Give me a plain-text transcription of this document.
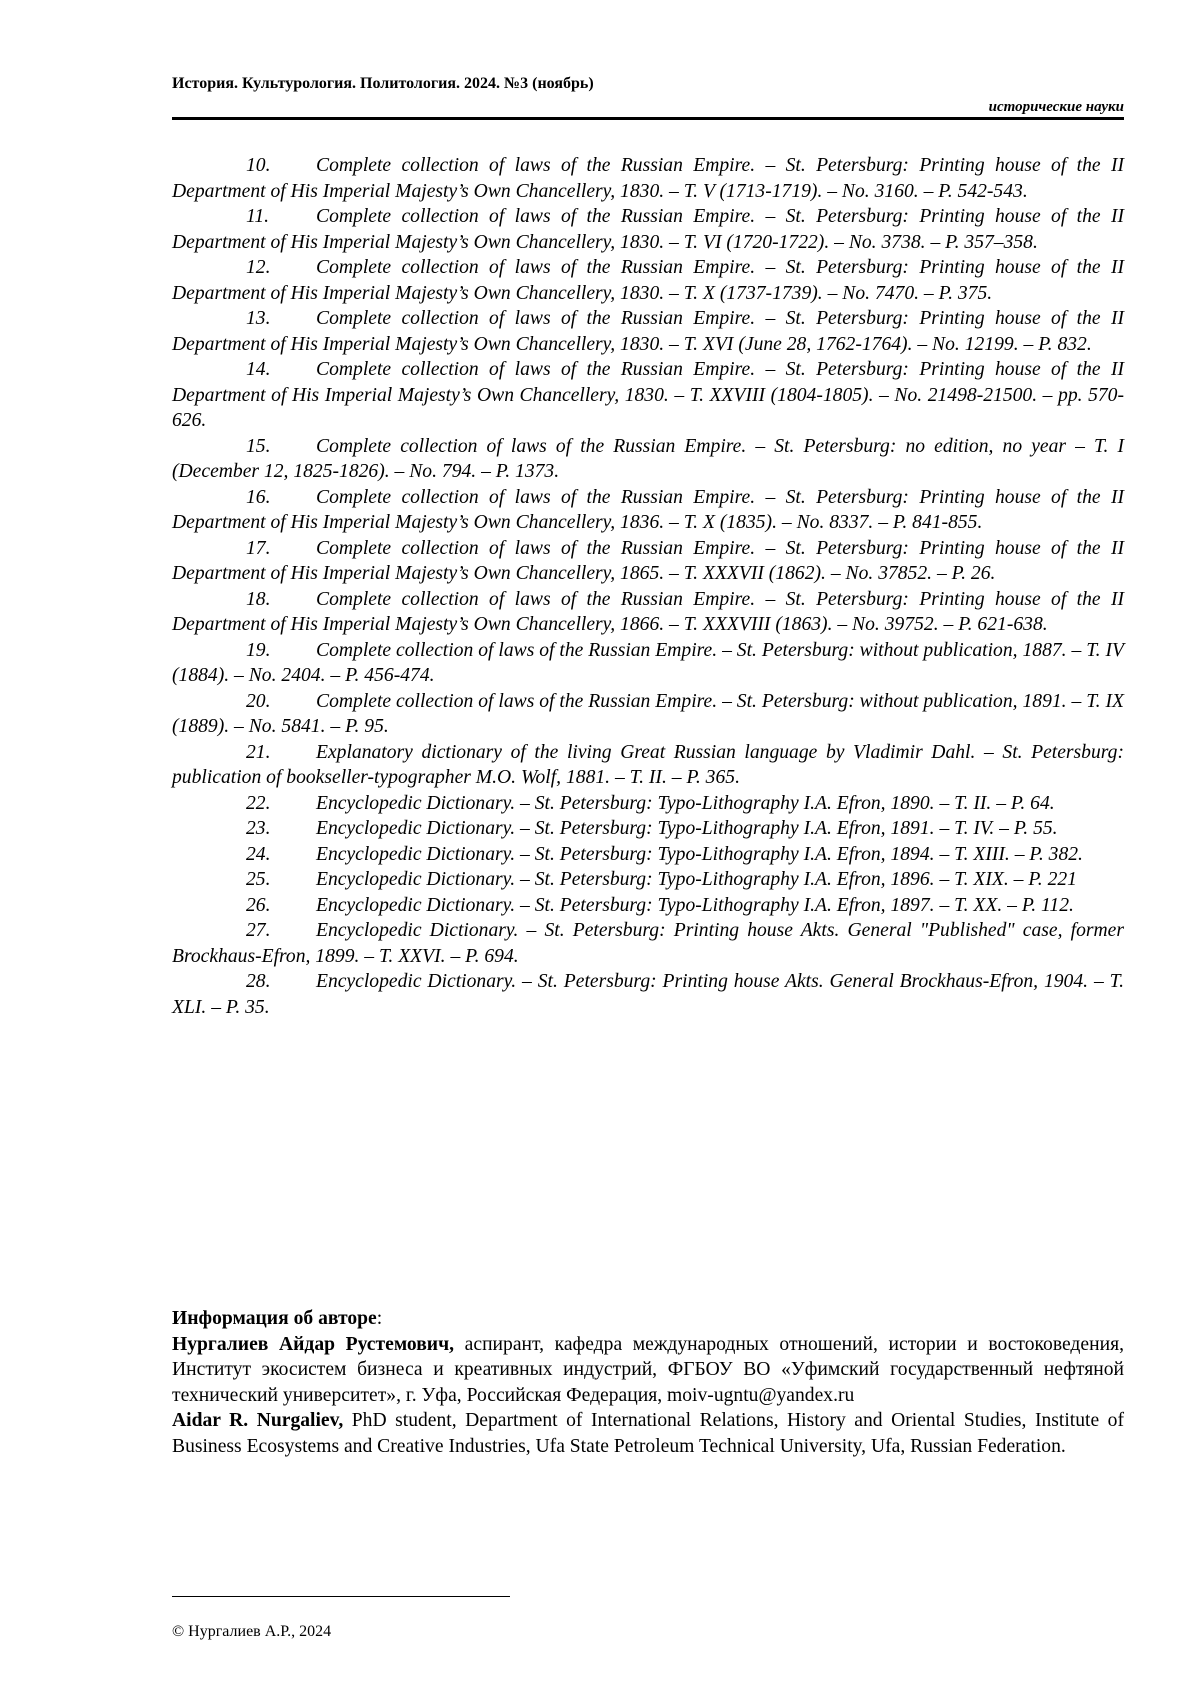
История. Культурология. Политология. 2024. №3 (ноябрь)
исторические науки
10. Complete collection of laws of the Russian Empire. – St. Petersburg: Printing house of the II Department of His Imperial Majesty’s Own Chancellery, 1830. – T. V (1713-1719). – No. 3160. – P. 542-543.
11. Complete collection of laws of the Russian Empire. – St. Petersburg: Printing house of the II Department of His Imperial Majesty’s Own Chancellery, 1830. – T. VI (1720-1722). – No. 3738. – P. 357–358.
12. Complete collection of laws of the Russian Empire. – St. Petersburg: Printing house of the II Department of His Imperial Majesty’s Own Chancellery, 1830. – T. X (1737-1739). – No. 7470. – P. 375.
13. Complete collection of laws of the Russian Empire. – St. Petersburg: Printing house of the II Department of His Imperial Majesty’s Own Chancellery, 1830. – T. XVI (June 28, 1762-1764). – No. 12199. – P. 832.
14. Complete collection of laws of the Russian Empire. – St. Petersburg: Printing house of the II Department of His Imperial Majesty’s Own Chancellery, 1830. – T. XXVIII (1804-1805). – No. 21498-21500. – pp. 570-626.
15. Complete collection of laws of the Russian Empire. – St. Petersburg: no edition, no year – T. I (December 12, 1825-1826). – No. 794. – P. 1373.
16. Complete collection of laws of the Russian Empire. – St. Petersburg: Printing house of the II Department of His Imperial Majesty’s Own Chancellery, 1836. – T. X (1835). – No. 8337. – P. 841-855.
17. Complete collection of laws of the Russian Empire. – St. Petersburg: Printing house of the II Department of His Imperial Majesty’s Own Chancellery, 1865. – T. XXXVII (1862). – No. 37852. – P. 26.
18. Complete collection of laws of the Russian Empire. – St. Petersburg: Printing house of the II Department of His Imperial Majesty’s Own Chancellery, 1866. – T. XXXVIII (1863). – No. 39752. – P. 621-638.
19. Complete collection of laws of the Russian Empire. – St. Petersburg: without publication, 1887. – T. IV (1884). – No. 2404. – P. 456-474.
20. Complete collection of laws of the Russian Empire. – St. Petersburg: without publication, 1891. – T. IX (1889). – No. 5841. – P. 95.
21. Explanatory dictionary of the living Great Russian language by Vladimir Dahl. – St. Petersburg: publication of bookseller-typographer M.O. Wolf, 1881. – T. II. – P. 365.
22. Encyclopedic Dictionary. – St. Petersburg: Typo-Lithography I.A. Efron, 1890. – T. II. – P. 64.
23. Encyclopedic Dictionary. – St. Petersburg: Typo-Lithography I.A. Efron, 1891. – T. IV. – P. 55.
24. Encyclopedic Dictionary. – St. Petersburg: Typo-Lithography I.A. Efron, 1894. – T. XIII. – P. 382.
25. Encyclopedic Dictionary. – St. Petersburg: Typo-Lithography I.A. Efron, 1896. – T. XIX. – P. 221
26. Encyclopedic Dictionary. – St. Petersburg: Typo-Lithography I.A. Efron, 1897. – T. XX. – P. 112.
27. Encyclopedic Dictionary. – St. Petersburg: Printing house Akts. General "Published" case, former Brockhaus-Efron, 1899. – T. XXVI. – P. 694.
28. Encyclopedic Dictionary. – St. Petersburg: Printing house Akts. General Brockhaus-Efron, 1904. – T. XLI. – P. 35.

Информация об авторе:

Нургалиев Айдар Рустемович, аспирант, кафедра международных отношений, истории и востоковедения, Институт экосистем бизнеса и креативных индустрий, ФГБОУ ВО «Уфимский государственный нефтяной технический университет», г. Уфа, Российская Федерация, moiv-ugntu@yandex.ru

Aidar R. Nurgaliev, PhD student, Department of International Relations, History and Oriental Studies, Institute of Business Ecosystems and Creative Industries, Ufa State Petroleum Technical University, Ufa, Russian Federation.

© Нургалиев А.Р., 2024
